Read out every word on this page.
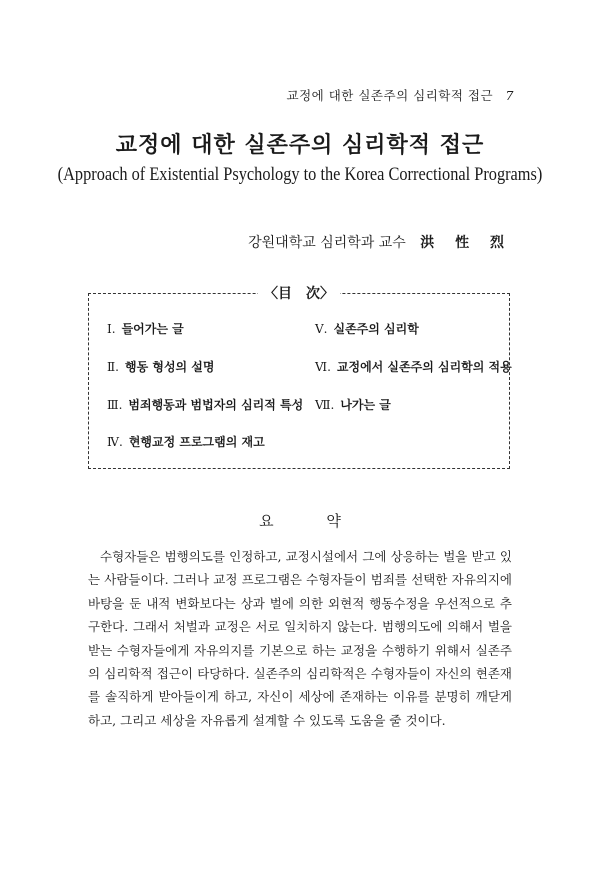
교정에 대한 실존주의 심리학적 접근 7
교정에 대한 실존주의 심리학적 접근
(Approach of Existential Psychology to the Korea Correctional Programs)
강원대학교 심리학과 교수 洪 性 烈
〈目　次〉
Ⅰ. 들어가는 글
Ⅱ. 행동 형성의 설명
Ⅲ. 범죄행동과 범법자의 심리적 특성
Ⅳ. 현행교정 프로그램의 재고
Ⅴ. 실존주의 심리학
Ⅵ. 교정에서 실존주의 심리학의 적용
Ⅶ. 나가는 글
요 약

수형자들은 범행의도를 인정하고, 교정시설에서 그에 상응하는 벌을 받고 있는 사람들이다. 그러나 교정 프로그램은 수형자들이 범죄를 선택한 자유의지에 바탕을 둔 내적 변화보다는 상과 벌에 의한 외현적 행동수정을 우선적으로 추구한다. 그래서 처벌과 교정은 서로 일치하지 않는다. 범행의도에 의해서 벌을 받는 수형자들에게 자유의지를 기본으로 하는 교정을 수행하기 위해서 실존주의 심리학적 접근이 타당하다. 실존주의 심리학적은 수형자들이 자신의 현존재를 솔직하게 받아들이게 하고, 자신이 세상에 존재하는 이유를 분명히 깨닫게 하고, 그리고 세상을 자유롭게 설계할 수 있도록 도움을 줄 것이다.
